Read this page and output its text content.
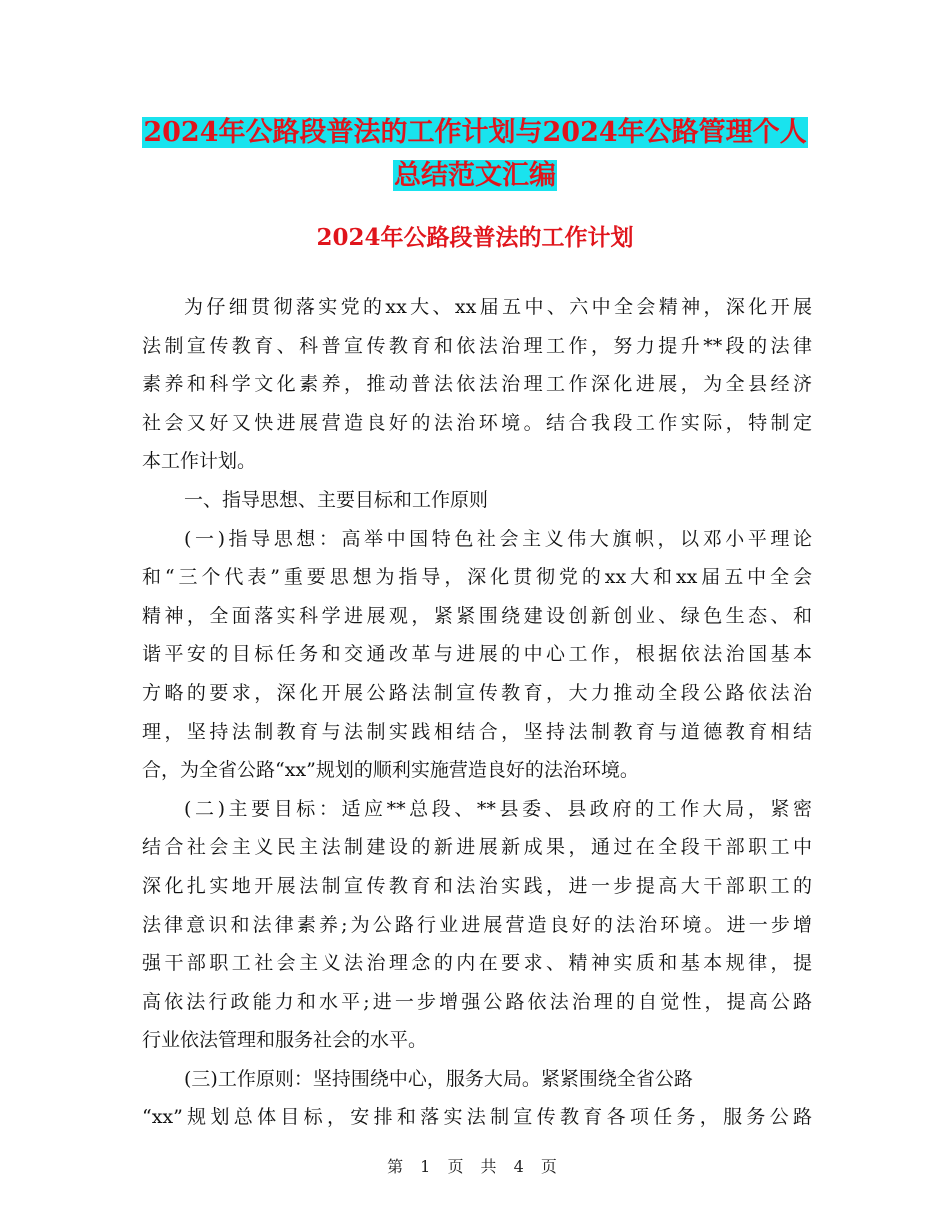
2024年公路段普法的工作计划与2024年公路管理个人
总结范文汇编
2024年公路段普法的工作计划
为仔细贯彻落实党的xx大、xx届五中、六中全会精神，深化开展
法制宣传教育、科普宣传教育和依法治理工作，努力提升**段的法律
素养和科学文化素养，推动普法依法治理工作深化进展，为全县经济
社会又好又快进展营造良好的法治环境。结合我段工作实际，特制定
本工作计划。
一、指导思想、主要目标和工作原则
(一)指导思想：高举中国特色社会主义伟大旗帜，以邓小平理论
和“三个代表”重要思想为指导，深化贯彻党的xx大和xx届五中全会
精神，全面落实科学进展观，紧紧围绕建设创新创业、绿色生态、和
谐平安的目标任务和交通改革与进展的中心工作，根据依法治国基本
方略的要求，深化开展公路法制宣传教育，大力推动全段公路依法治
理，坚持法制教育与法制实践相结合，坚持法制教育与道德教育相结
合，为全省公路“xx”规划的顺利实施营造良好的法治环境。
(二)主要目标：适应**总段、**县委、县政府的工作大局，紧密
结合社会主义民主法制建设的新进展新成果，通过在全段干部职工中
深化扎实地开展法制宣传教育和法治实践，进一步提高大干部职工的
法律意识和法律素养;为公路行业进展营造良好的法治环境。进一步增
强干部职工社会主义法治理念的内在要求、精神实质和基本规律，提
高依法行政能力和水平;进一步增强公路依法治理的自觉性，提高公路
行业依法管理和服务社会的水平。
(三)工作原则：坚持围绕中心，服务大局。紧紧围绕全省公路
“xx”规划总体目标，安排和落实法制宣传教育各项任务，服务公路
第 1 页 共 4 页
